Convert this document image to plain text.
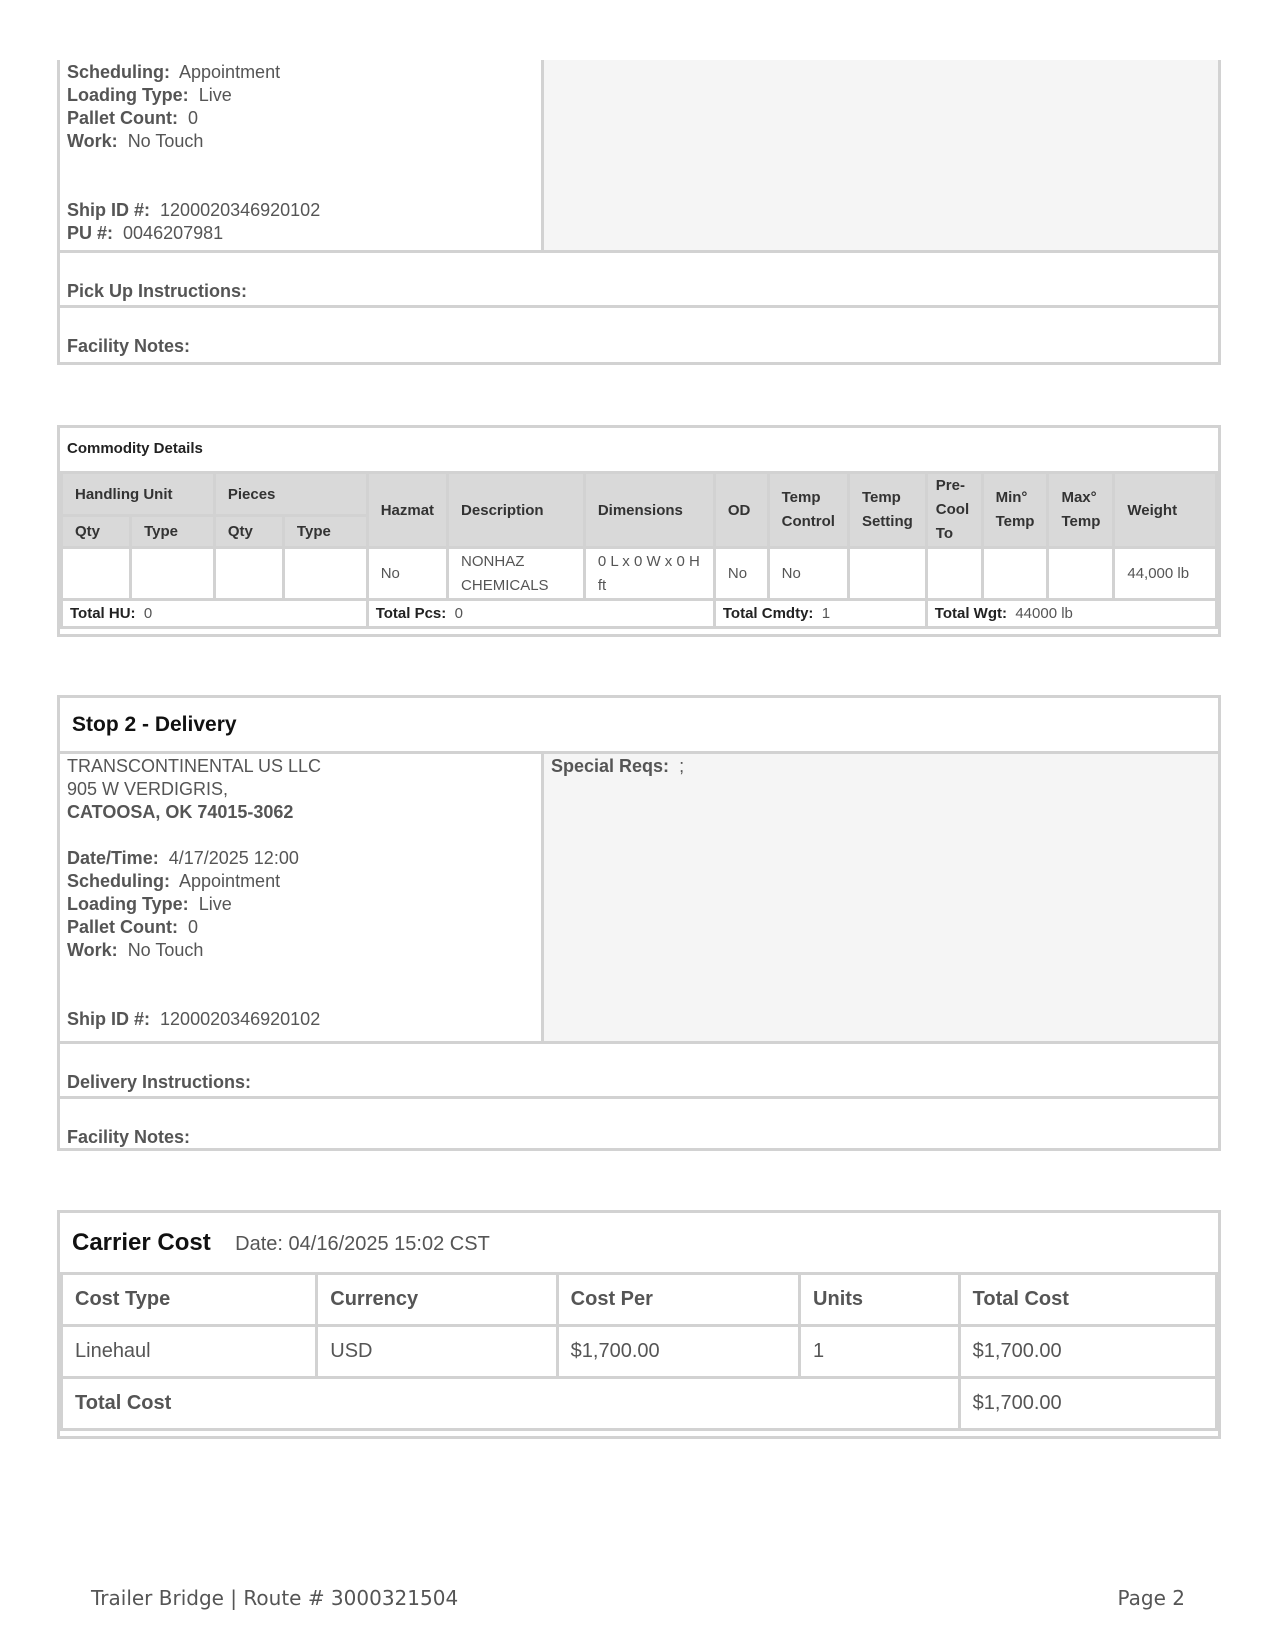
Scheduling: Appointment
Loading Type: Live
Pallet Count: 0
Work: No Touch
Ship ID #: 1200020346920102
PU #: 0046207981
Pick Up Instructions:
Facility Notes:
Commodity Details
Handling Unit		Pieces		Hazmat	Description	Dimensions	OD	Temp Control	Temp Setting	Pre-Cool To	Min° Temp	Max° Temp	Weight
Qty	Type	Qty	Type										
				No	NONHAZ CHEMICALS	0 L x 0 W x 0 H ft	No	No					44,000 lb
Total HU: 0				Total Pcs: 0			Total Cmdty: 1			Total Wgt: 44000 lb			
Stop 2 - Delivery
TRANSCONTINENTAL US LLC
905 W VERDIGRIS,
CATOOSA, OK 74015-3062
Date/Time: 4/17/2025 12:00
Scheduling: Appointment
Loading Type: Live
Pallet Count: 0
Work: No Touch
Ship ID #: 1200020346920102
Special Reqs: ;
Delivery Instructions:
Facility Notes:
Carrier Cost Date: 04/16/2025 15:02 CST
Cost Type	Currency	Cost Per	Units	Total Cost
Linehaul	USD	$1,700.00	1	$1,700.00
Total Cost				$1,700.00
Trailer Bridge | Route # 3000321504	Page 2
